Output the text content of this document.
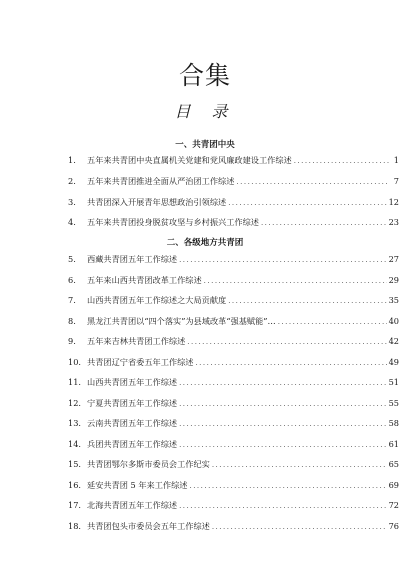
合集
目 录
一、共青团中央
1.	五年来共青团中央直属机关党建和党风廉政建设工作综述 .....	1
2.	五年来共青团推进全面从严治团工作综述 .....	7
3.	共青团深入开展青年思想政治引领综述 .....	12
4.	五年来共青团投身脱贫攻坚与乡村振兴工作综述 .....	23
二、各级地方共青团
5.	西藏共青团五年工作综述 .....	27
6.	五年来山西共青团改革工作综述 .....	29
7.	山西共青团五年工作综述之大局贡献度 .....	35
8.	黑龙江共青团以“四个落实”为县域改革“强基赋能”… .....	40
9.	五年来吉林共青团工作综述 .....	42
10. 共青团辽宁省委五年工作综述 .....	49
11. 山西共青团五年工作综述 .....	51
12. 宁夏共青团五年工作综述 .....	55
13. 云南共青团五年工作综述 .....	58
14. 兵团共青团五年工作综述 .....	61
15. 共青团鄂尔多斯市委员会工作纪实 .....	65
16. 延安共青团 5 年来工作综述 .....	69
17. 北海共青团五年工作综述 .....	72
18. 共青团包头市委员会五年工作综述 .....	76
